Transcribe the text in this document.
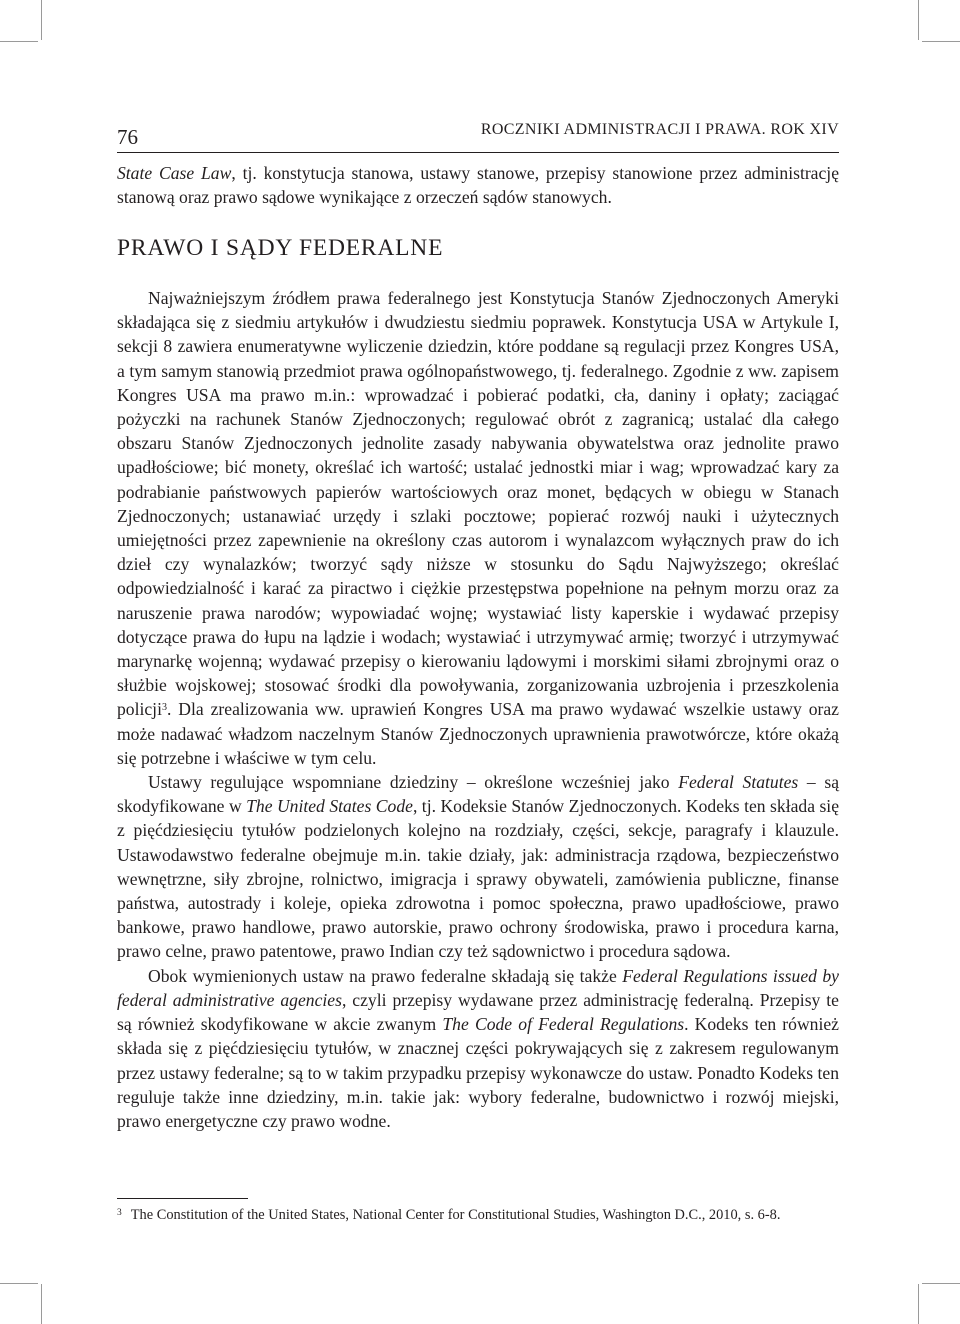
76	ROCZNIKI ADMINISTRACJI I PRAWA. ROK XIV

State Case Law, tj. konstytucja stanowa, ustawy stanowe, przepisy stanowione przez administrację stanową oraz prawo sądowe wynikające z orzeczeń sądów stanowych.

PRAWO I SĄDY FEDERALNE

Najważniejszym źródłem prawa federalnego jest Konstytucja Stanów Zjednoczonych Ameryki składająca się z siedmiu artykułów i dwudziestu siedmiu poprawek. Konstytucja USA w Artykule I, sekcji 8 zawiera enumeratywne wyliczenie dziedzin, które poddane są regulacji przez Kongres USA, a tym samym stanowią przedmiot prawa ogólnopaństwowego, tj. federalnego. Zgodnie z ww. zapisem Kongres USA ma prawo m.in.: wprowadzać i pobierać podatki, cła, daniny i opłaty; zaciągać pożyczki na rachunek Stanów Zjednoczonych; regulować obrót z zagranicą; ustalać dla całego obszaru Stanów Zjednoczonych jednolite zasady nabywania obywatelstwa oraz jednolite prawo upadłościowe; bić monety, określać ich wartość; ustalać jednostki miar i wag; wprowadzać kary za podrabianie państwowych papierów wartościowych oraz monet, będących w obiegu w Stanach Zjednoczonych; ustanawiać urzędy i szlaki pocztowe; popierać rozwój nauki i użytecznych umiejętności przez zapewnienie na określony czas autorom i wynalazcom wyłącznych praw do ich dzieł czy wynalazków; tworzyć sądy niższe w stosunku do Sądu Najwyższego; określać odpowiedzialność i karać za piractwo i ciężkie przestępstwa popełnione na pełnym morzu oraz za naruszenie prawa narodów; wypowiadać wojnę; wystawiać listy kaperskie i wydawać przepisy dotyczące prawa do łupu na lądzie i wodach; wystawiać i utrzymywać armię; tworzyć i utrzymywać marynarkę wojenną; wydawać przepisy o kierowaniu lądowymi i morskimi siłami zbrojnymi oraz o służbie wojskowej; stosować środki dla powoływania, zorganizowania uzbrojenia i przeszkolenia policji$^3$. Dla zrealizowania ww. uprawień Kongres USA ma prawo wydawać wszelkie ustawy oraz może nadawać władzom naczelnym Stanów Zjednoczonych uprawnienia prawotwórcze, które okażą się potrzebne i właściwe w tym celu.

Ustawy regulujące wspomniane dziedziny – określone wcześniej jako Federal Statutes – są skodyfikowane w The United States Code, tj. Kodeksie Stanów Zjednoczonych. Kodeks ten składa się z pięćdziesięciu tytułów podzielonych kolejno na rozdziały, części, sekcje, paragrafy i klauzule. Ustawodawstwo federalne obejmuje m.in. takie działy, jak: administracja rządowa, bezpieczeństwo wewnętrzne, siły zbrojne, rolnictwo, imigracja i sprawy obywateli, zamówienia publiczne, finanse państwa, autostrady i koleje, opieka zdrowotna i pomoc społeczna, prawo upadłościowe, prawo bankowe, prawo handlowe, prawo autorskie, prawo ochrony środowiska, prawo i procedura karna, prawo celne, prawo patentowe, prawo Indian czy też sądownictwo i procedura sądowa.

Obok wymienionych ustaw na prawo federalne składają się także Federal Regulations issued by federal administrative agencies, czyli przepisy wydawane przez administrację federalną. Przepisy te są również skodyfikowane w akcie zwanym The Code of Federal Regulations. Kodeks ten również składa się z pięćdziesięciu tytułów, w znacznej części pokrywających się z zakresem regulowanym przez ustawy federalne; są to w takim przypadku przepisy wykonawcze do ustaw. Ponadto Kodeks ten reguluje także inne dziedziny, m.in. takie jak: wybory federalne, budownictwo i rozwój miejski, prawo energetyczne czy prawo wodne.

$^3$ The Constitution of the United States, National Center for Constitutional Studies, Washington D.C., 2010, s. 6-8.
